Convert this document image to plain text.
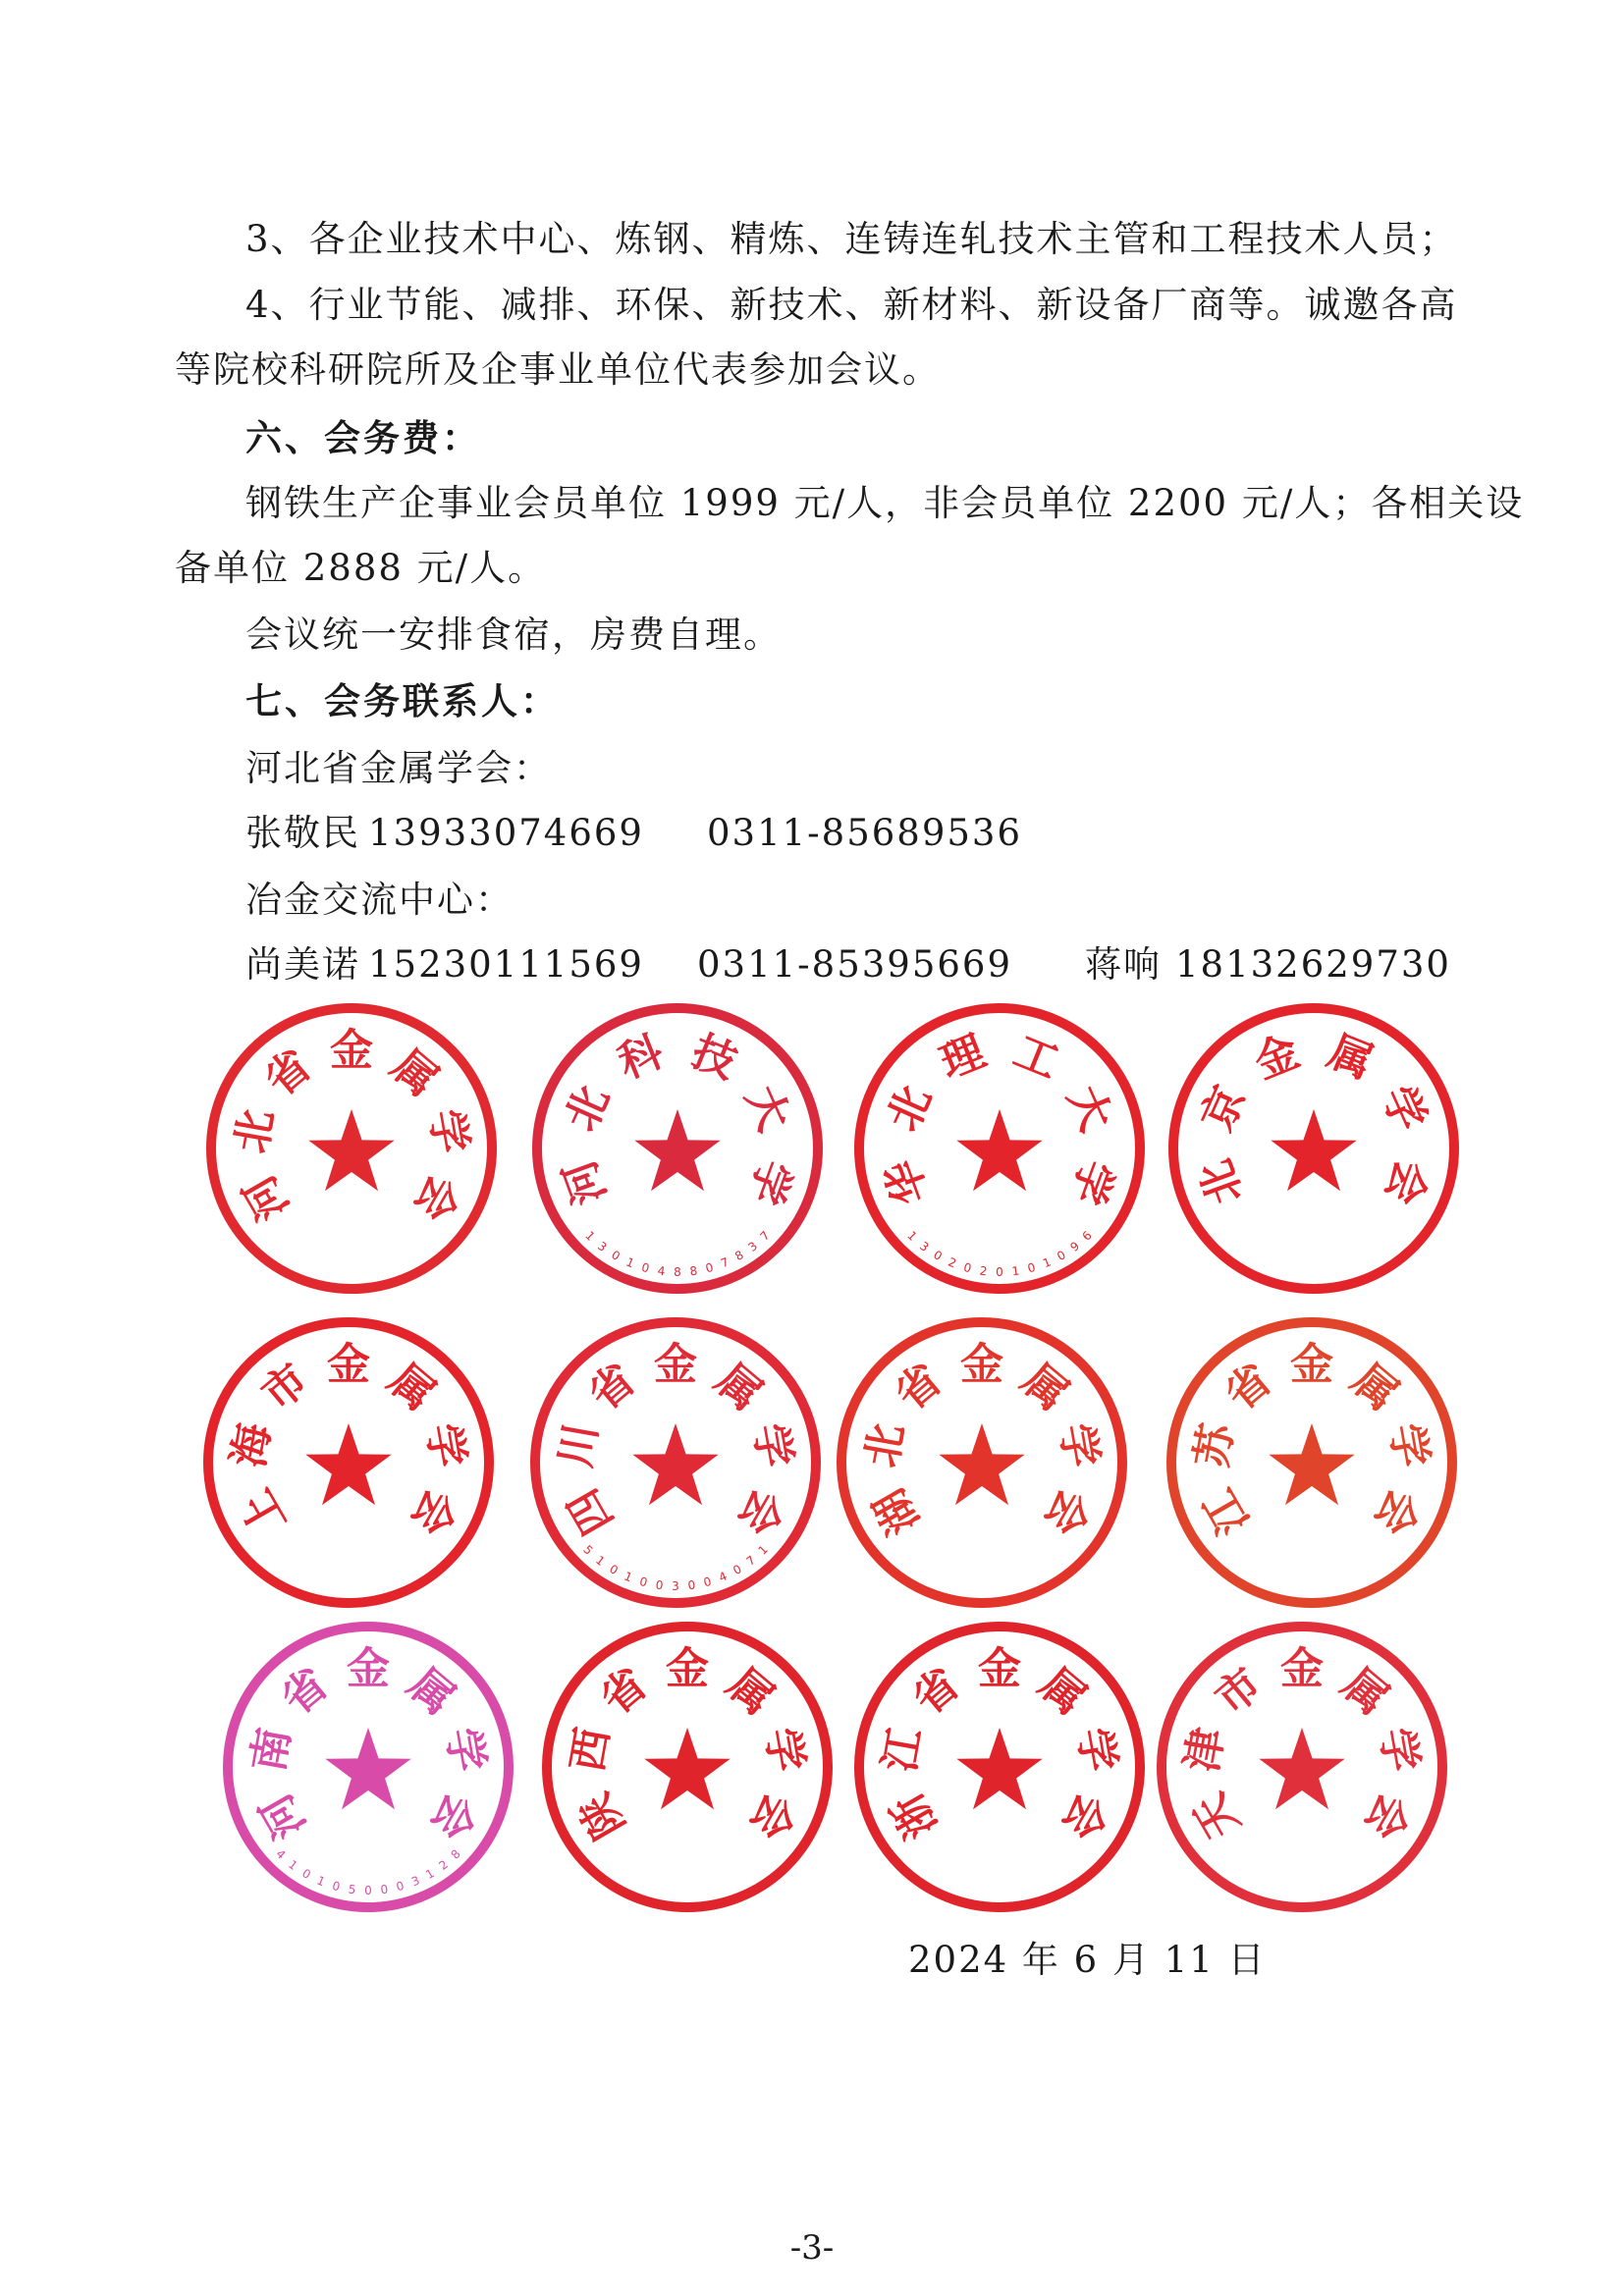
3、各企业技术中心、炼钢、精炼、连铸连轧技术主管和工程技术人员；
4、行业节能、减排、环保、新技术、新材料、新设备厂商等。诚邀各高
等院校科研院所及企事业单位代表参加会议。
六、会务费：
钢铁生产企事业会员单位 1999 元/人，非会员单位 2200 元/人；各相关设
备单位 2888 元/人。
会议统一安排食宿，房费自理。
七、会务联系人：
河北省金属学会：
张敬民 13933074669 0311-85689536
冶金交流中心：
尚美诺 15230111569 0311-85395669 蒋响 18132629730
河
北
省 金 属
学
会 河
北
科 技
大
学
1
3
0 1 0 4 8 8 0 7 8
3
7
华
北
理 工
大
学
1
3
0 2 0 2 0 1 0 1 0
9
6
北
京
金 属
学
会
上
海
市 金 属
学
会 四
川
省 金 属
学
会
5
1
0 1 0 0 3 0 0 4 0
7
1
湖
北
省 金 属
学
会 江
苏
省 金 属
学
会
河
南
省 金 属
学
会
4
1
0 1 0 5 0 0 0 3 1
2
8
陕
西
省 金 属
学
会 浙
江
省 金 属
学
会 天
津
市 金 属
学
会
2024 年 6 月 11 日
-3-
